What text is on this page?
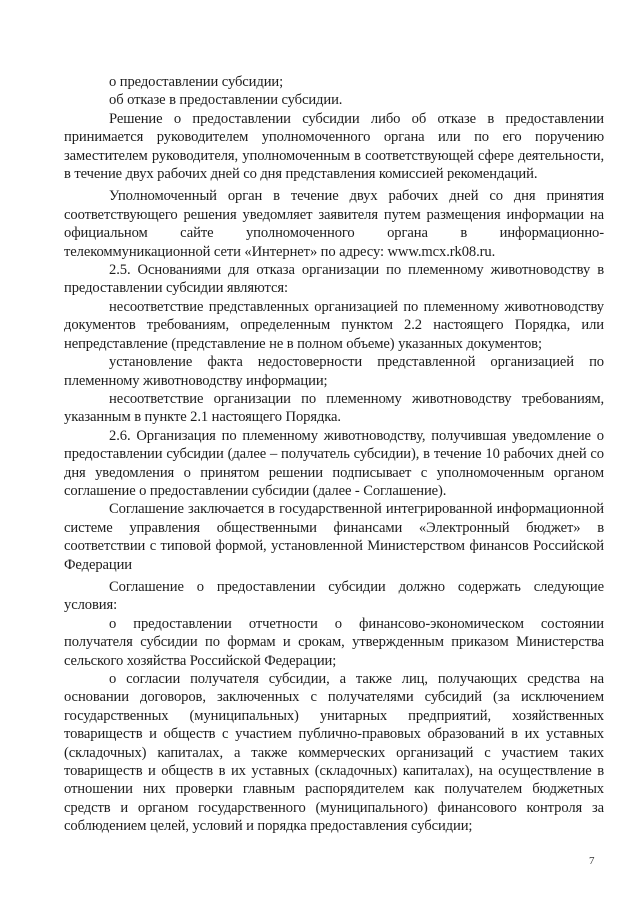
о предоставлении субсидии;

об отказе в предоставлении субсидии.

Решение о предоставлении субсидии либо об отказе в предоставлении принимается руководителем уполномоченного органа или по его поручению заместителем руководителя, уполномоченным в соответствующей сфере деятельности, в течение двух рабочих дней со дня представления комиссией рекомендаций.

Уполномоченный орган в течение двух рабочих дней со дня принятия соответствующего решения уведомляет заявителя путем размещения информации на официальном сайте уполномоченного органа в информационно-телекоммуникационной сети «Интернет» по адресу: www.mcx.rk08.ru.

2.5. Основаниями для отказа организации по племенному животноводству в предоставлении субсидии являются:

несоответствие представленных организацией по племенному животноводству документов требованиям, определенным пунктом 2.2 настоящего Порядка, или непредставление (представление не в полном объеме) указанных документов;

установление факта недостоверности представленной организацией по племенному животноводству информации;

несоответствие организации по племенному животноводству требованиям, указанным в пункте 2.1 настоящего Порядка.

2.6. Организация по племенному животноводству, получившая уведомление о предоставлении субсидии (далее – получатель субсидии), в течение 10 рабочих дней со дня уведомления о принятом решении подписывает с уполномоченным органом соглашение о предоставлении субсидии (далее - Соглашение).

Соглашение заключается в государственной интегрированной информационной системе управления общественными финансами «Электронный бюджет» в соответствии с типовой формой, установленной Министерством финансов Российской Федерации

Соглашение о предоставлении субсидии должно содержать следующие условия:

о предоставлении отчетности о финансово-экономическом состоянии получателя субсидии по формам и срокам, утвержденным приказом Министерства сельского хозяйства Российской Федерации;

о согласии получателя субсидии, а также лиц, получающих средства на основании договоров, заключенных с получателями субсидий (за исключением государственных (муниципальных) унитарных предприятий, хозяйственных товариществ и обществ с участием публично-правовых образований в их уставных (складочных) капиталах, а также коммерческих организаций с участием таких товариществ и обществ в их уставных (складочных) капиталах), на осуществление в отношении них проверки главным распорядителем как получателем бюджетных средств и органом государственного (муниципального) финансового контроля за соблюдением целей, условий и порядка предоставления субсидии;

7
